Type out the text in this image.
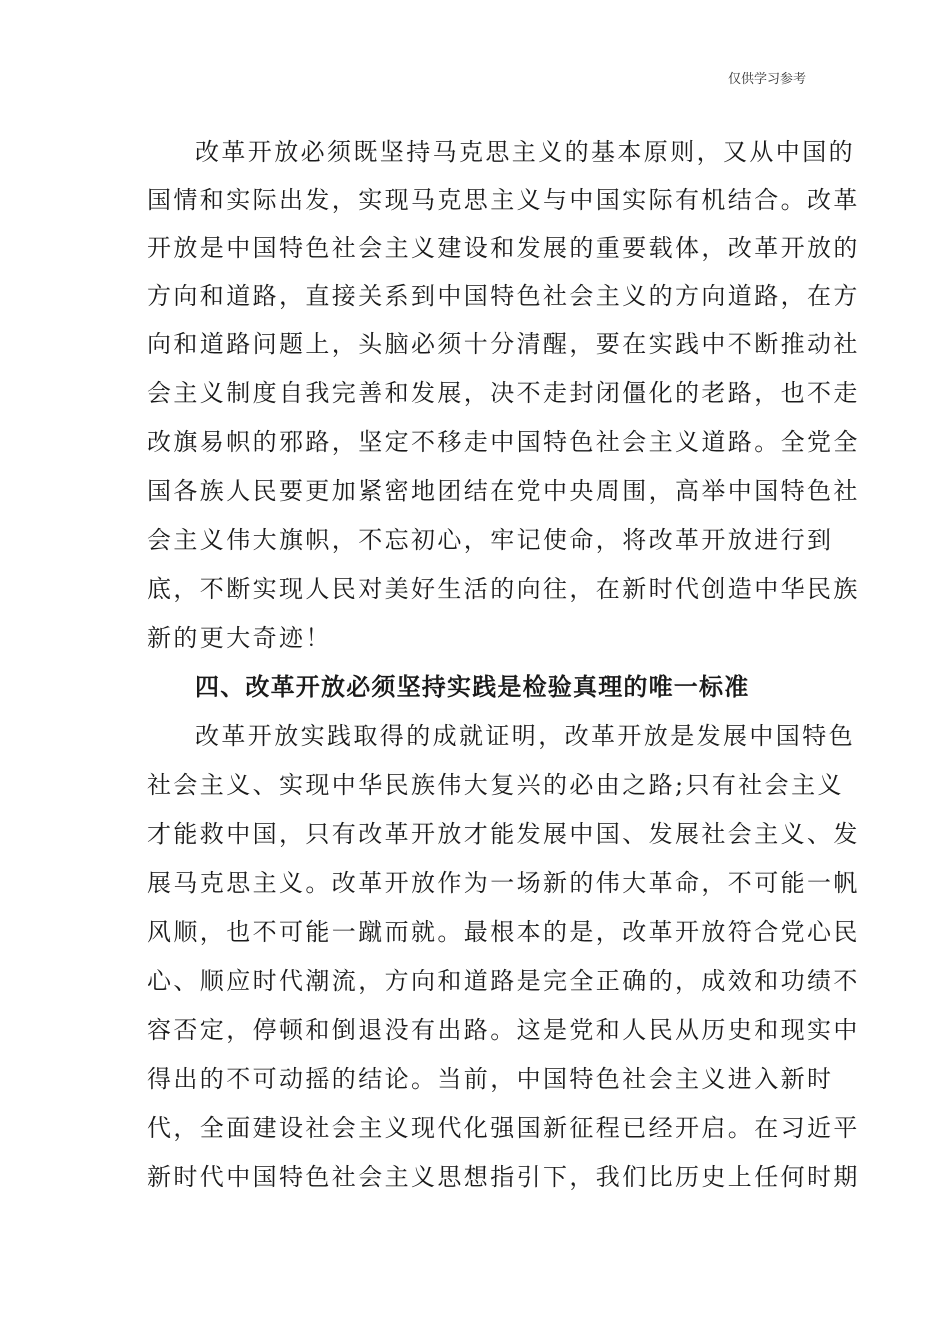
仅供学习参考
改革开放必须既坚持马克思主义的基本原则，又从中国的
国情和实际出发，实现马克思主义与中国实际有机结合。改革
开放是中国特色社会主义建设和发展的重要载体，改革开放的
方向和道路，直接关系到中国特色社会主义的方向道路，在方
向和道路问题上，头脑必须十分清醒，要在实践中不断推动社
会主义制度自我完善和发展，决不走封闭僵化的老路，也不走
改旗易帜的邪路，坚定不移走中国特色社会主义道路。全党全
国各族人民要更加紧密地团结在党中央周围，高举中国特色社
会主义伟大旗帜，不忘初心，牢记使命，将改革开放进行到
底，不断实现人民对美好生活的向往，在新时代创造中华民族
新的更大奇迹！
四、改革开放必须坚持实践是检验真理的唯一标准
改革开放实践取得的成就证明，改革开放是发展中国特色
社会主义、实现中华民族伟大复兴的必由之路;只有社会主义
才能救中国，只有改革开放才能发展中国、发展社会主义、发
展马克思主义。改革开放作为一场新的伟大革命，不可能一帆
风顺，也不可能一蹴而就。最根本的是，改革开放符合党心民
心、顺应时代潮流，方向和道路是完全正确的，成效和功绩不
容否定，停顿和倒退没有出路。这是党和人民从历史和现实中
得出的不可动摇的结论。当前，中国特色社会主义进入新时
代，全面建设社会主义现代化强国新征程已经开启。在习近平
新时代中国特色社会主义思想指引下，我们比历史上任何时期
